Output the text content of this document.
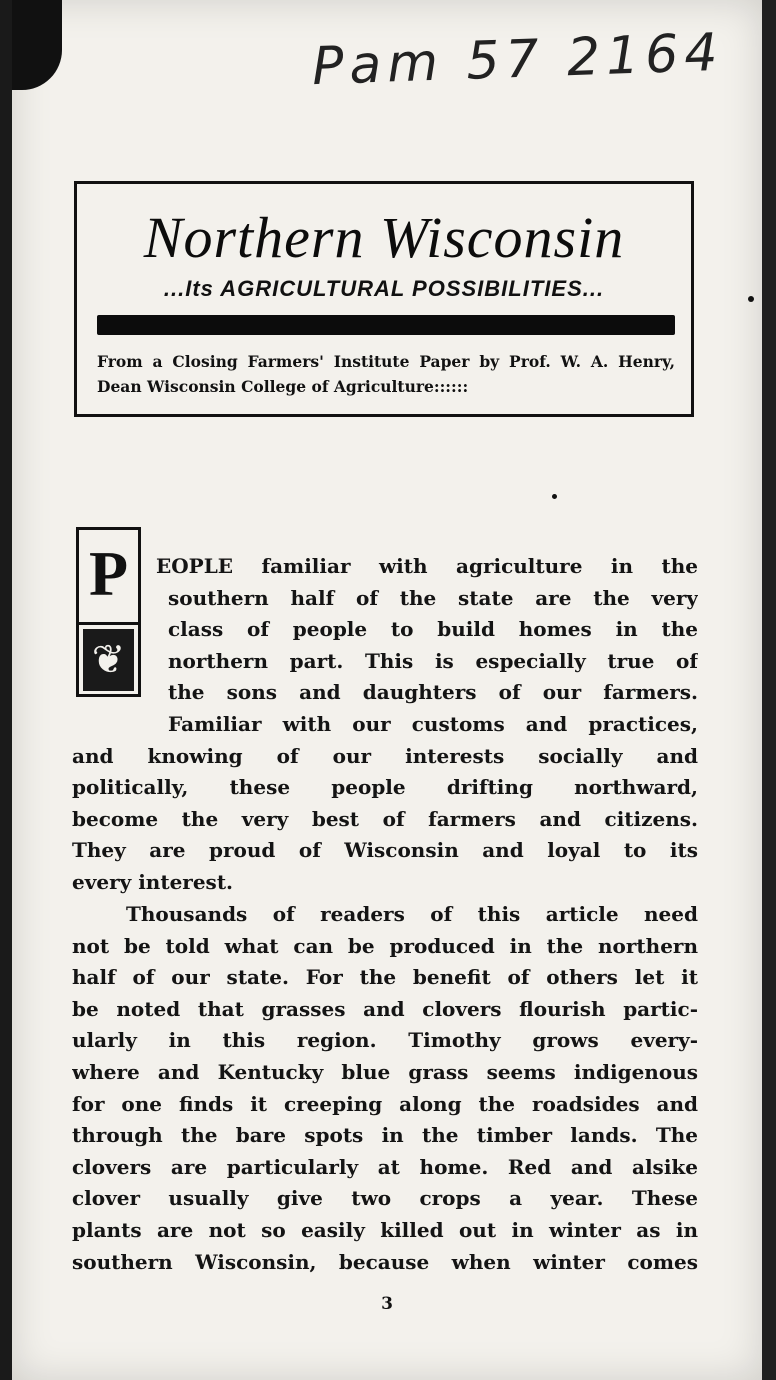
Pam 57 2164
Northern Wisconsin
...Its AGRICULTURAL POSSIBILITIES...
From a Closing Farmers' Institute Paper by Prof. W. A. Henry, Dean Wisconsin College of Agriculture::::::
P
❦
EOPLE familiar with agriculture in the
southern half of the state are the very
class of people to build homes in the
northern part. This is especially true of
the sons and daughters of our farmers.
Familiar with our customs and practices,
and knowing of our interests socially and
politically, these people drifting northward,
become the very best of farmers and citizens.
They are proud of Wisconsin and loyal to its
every interest.
Thousands of readers of this article need
not be told what can be produced in the northern
half of our state. For the benefit of others let it
be noted that grasses and clovers flourish partic-
ularly in this region. Timothy grows every-
where and Kentucky blue grass seems indigenous
for one finds it creeping along the roadsides and
through the bare spots in the timber lands. The
clovers are particularly at home. Red and alsike
clover usually give two crops a year. These
plants are not so easily killed out in winter as in
southern Wisconsin, because when winter comes
3
